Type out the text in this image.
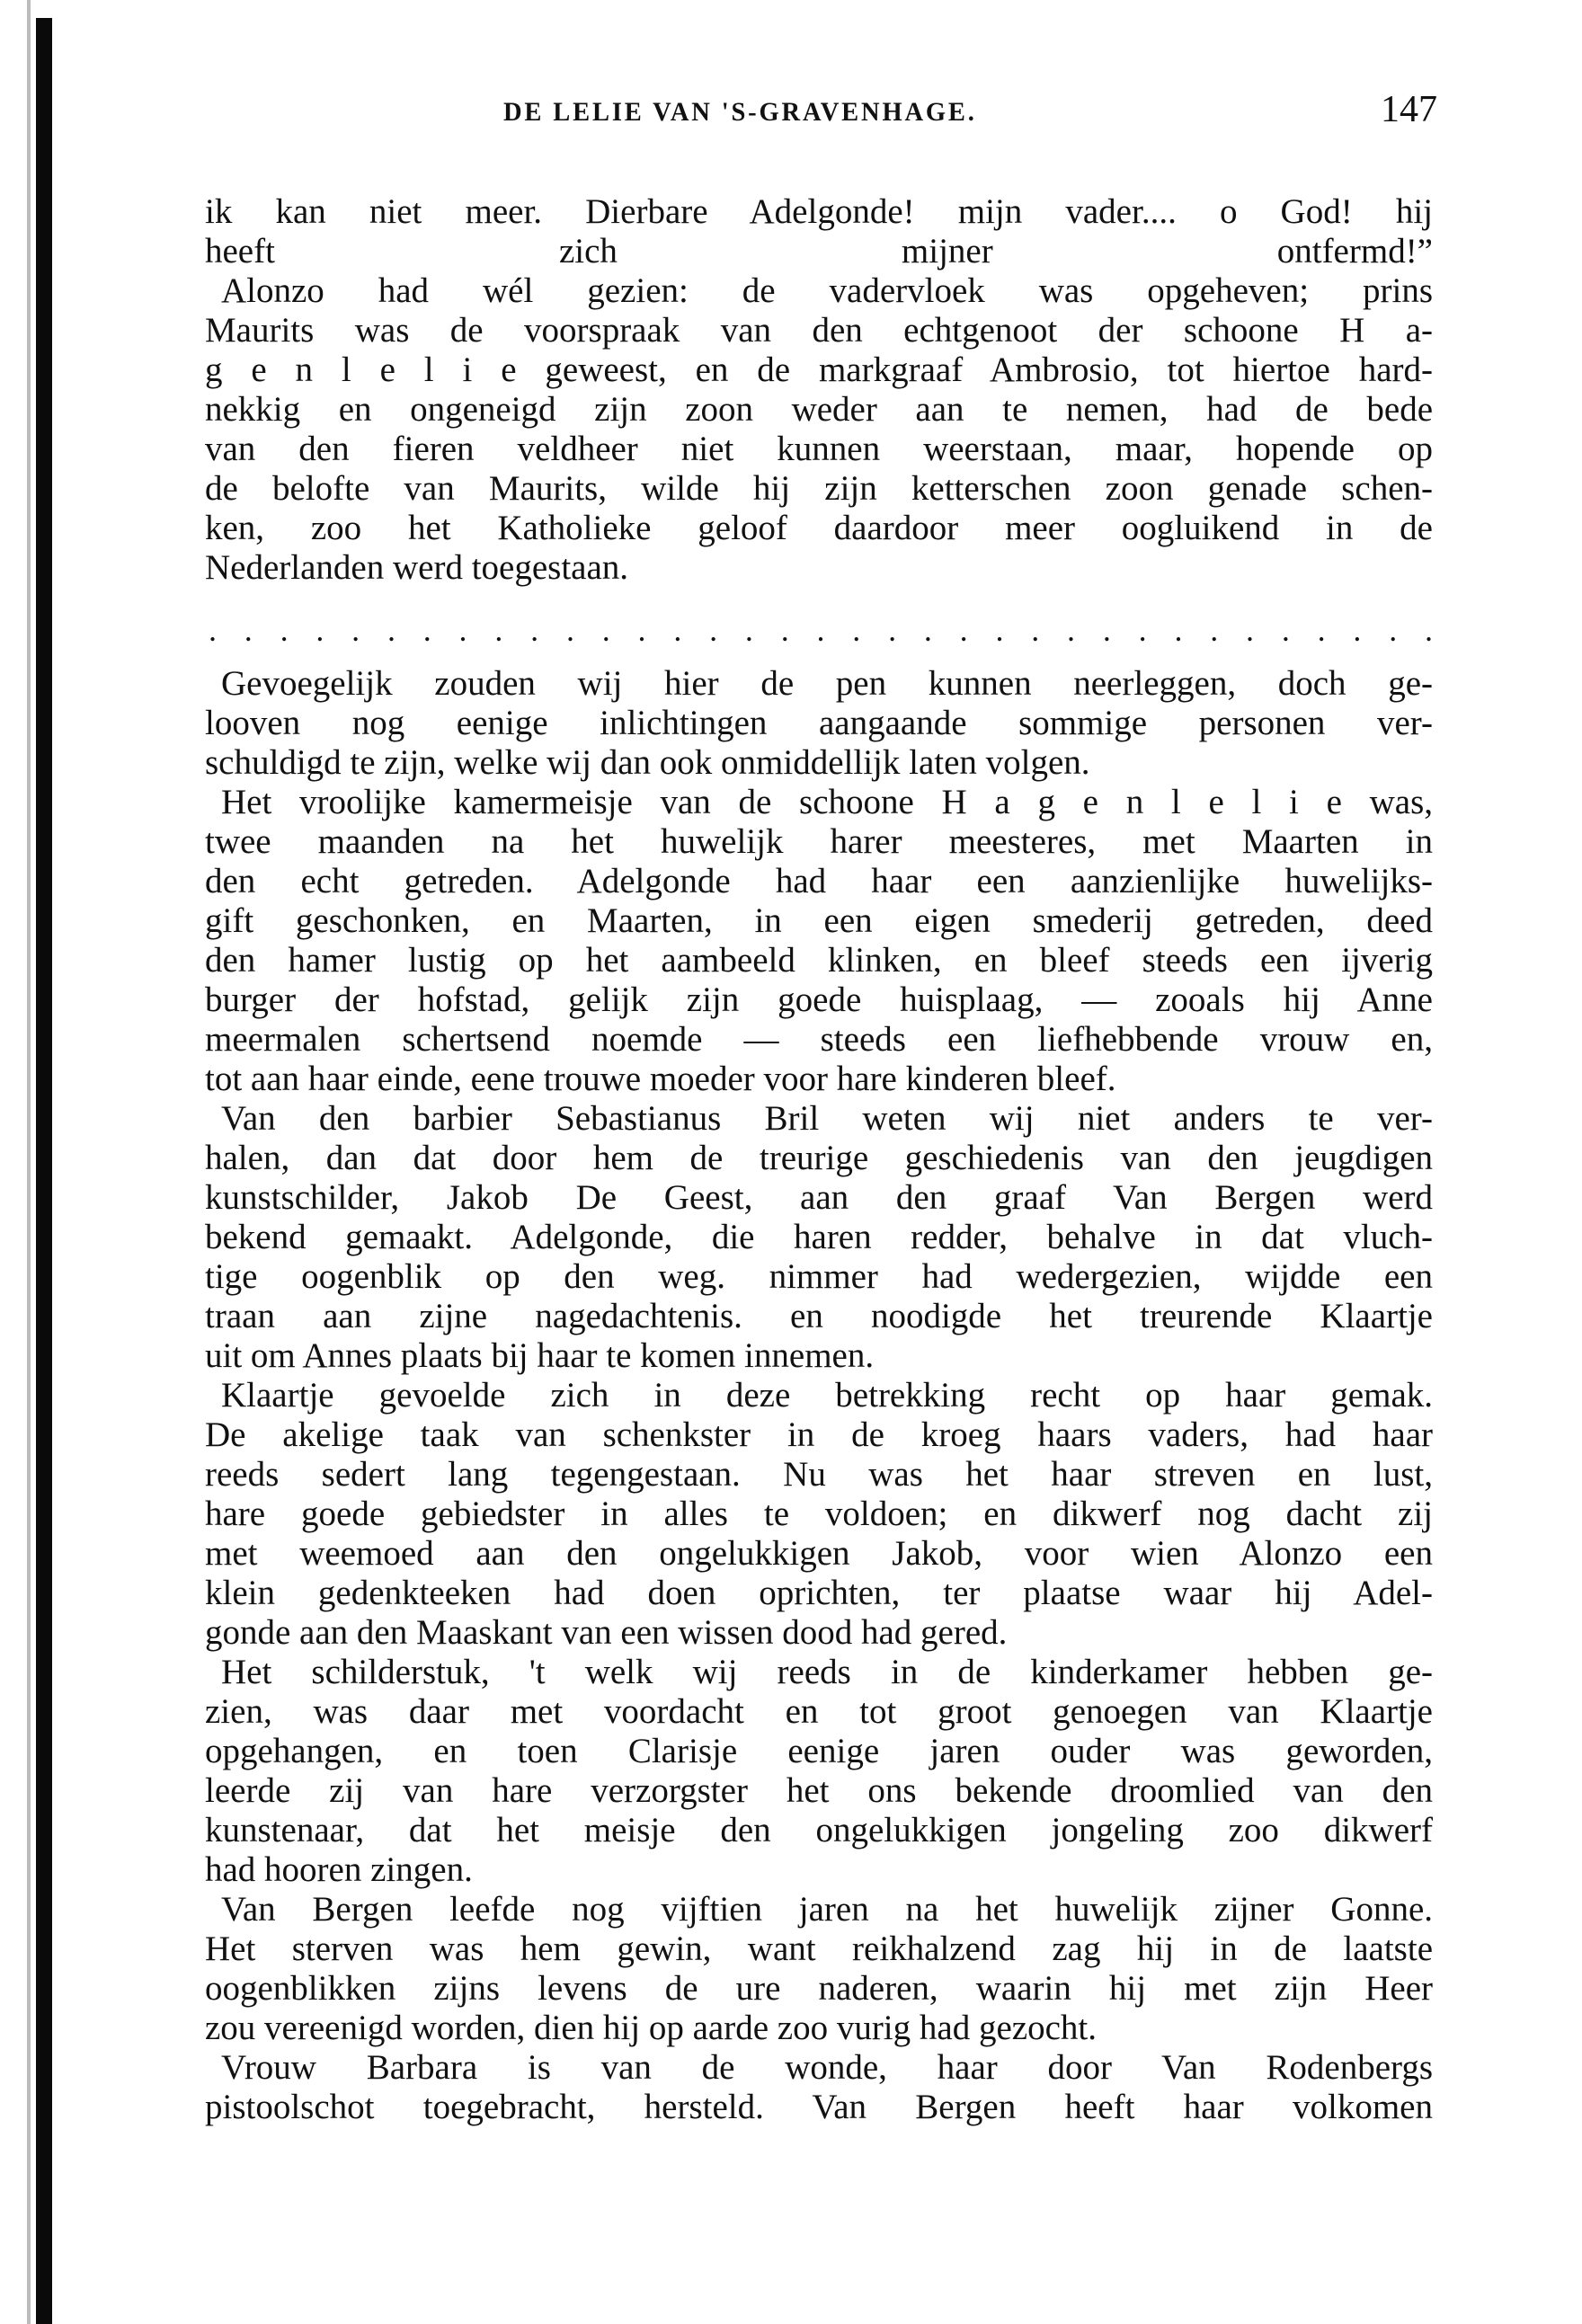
DE LELIE VAN 'S-GRAVENHAGE.	147
ik kan niet meer. Dierbare Adelgonde! mijn vader.... o God! hij
heeft zich mijner ontfermd!”
Alonzo had wél gezien: de vadervloek was opgeheven; prins
Maurits was de voorspraak van den echtgenoot der schoone H a-
g e n l e l i e geweest, en de markgraaf Ambrosio, tot hiertoe hard-
nekkig en ongeneigd zijn zoon weder aan te nemen, had de bede
van den fieren veldheer niet kunnen weerstaan, maar, hopende op
de belofte van Maurits, wilde hij zijn ketterschen zoon genade schen-
ken, zoo het Katholieke geloof daardoor meer oogluikend in de
Nederlanden werd toegestaan.
. . . . . . . . . . . . . . . . . . . . . . . . . . . . . . . . . . .
Gevoegelijk zouden wij hier de pen kunnen neerleggen, doch ge-
looven nog eenige inlichtingen aangaande sommige personen ver-
schuldigd te zijn, welke wij dan ook onmiddellijk laten volgen.
Het vroolijke kamermeisje van de schoone H a g e n l e l i e was,
twee maanden na het huwelijk harer meesteres, met Maarten in
den echt getreden. Adelgonde had haar een aanzienlijke huwelijks-
gift geschonken, en Maarten, in een eigen smederij getreden, deed
den hamer lustig op het aambeeld klinken, en bleef steeds een ijverig
burger der hofstad, gelijk zijn goede huisplaag, — zooals hij Anne
meermalen schertsend noemde — steeds een liefhebbende vrouw en,
tot aan haar einde, eene trouwe moeder voor hare kinderen bleef.
Van den barbier Sebastianus Bril weten wij niet anders te ver-
halen, dan dat door hem de treurige geschiedenis van den jeugdigen
kunstschilder, Jakob De Geest, aan den graaf Van Bergen werd
bekend gemaakt. Adelgonde, die haren redder, behalve in dat vluch-
tige oogenblik op den weg. nimmer had wedergezien, wijdde een
traan aan zijne nagedachtenis. en noodigde het treurende Klaartje
uit om Annes plaats bij haar te komen innemen.
Klaartje gevoelde zich in deze betrekking recht op haar gemak.
De akelige taak van schenkster in de kroeg haars vaders, had haar
reeds sedert lang tegengestaan. Nu was het haar streven en lust,
hare goede gebiedster in alles te voldoen; en dikwerf nog dacht zij
met weemoed aan den ongelukkigen Jakob, voor wien Alonzo een
klein gedenkteeken had doen oprichten, ter plaatse waar hij Adel-
gonde aan den Maaskant van een wissen dood had gered.
Het schilderstuk, 't welk wij reeds in de kinderkamer hebben ge-
zien, was daar met voordacht en tot groot genoegen van Klaartje
opgehangen, en toen Clarisje eenige jaren ouder was geworden,
leerde zij van hare verzorgster het ons bekende droomlied van den
kunstenaar, dat het meisje den ongelukkigen jongeling zoo dikwerf
had hooren zingen.
Van Bergen leefde nog vijftien jaren na het huwelijk zijner Gonne.
Het sterven was hem gewin, want reikhalzend zag hij in de laatste
oogenblikken zijns levens de ure naderen, waarin hij met zijn Heer
zou vereenigd worden, dien hij op aarde zoo vurig had gezocht.
Vrouw Barbara is van de wonde, haar door Van Rodenbergs
pistoolschot toegebracht, hersteld. Van Bergen heeft haar volkomen
